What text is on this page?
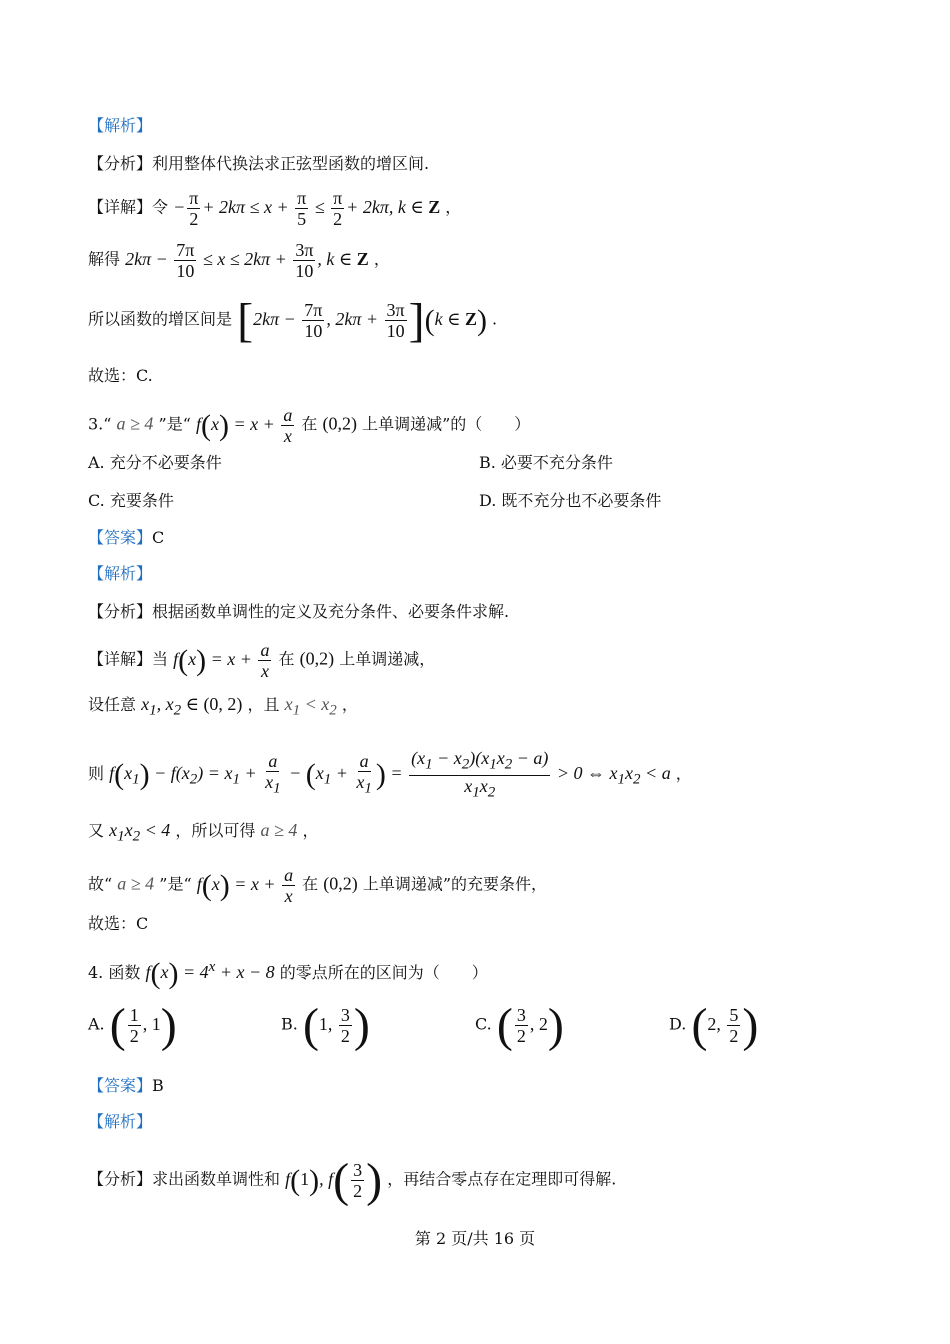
【解析】
【分析】利用整体代换法求正弦型函数的增区间.
【详解】令 − $\frac{\pi}{2} + 2k\pi \le x + \frac{\pi}{5} \le \frac{\pi}{2} + 2k\pi$, k ∈ Z ，
解得 $2k\pi - \frac{7\pi}{10} \le x \le 2k\pi + \frac{3\pi}{10}$ , k ∈ Z ，
所以函数的增区间是 [$2k\pi - \frac{7\pi}{10}$ , $2k\pi + \frac{3\pi}{10} ](k$ ∈ Z) .
故选：C.
3.“ a ≥ 4 ”是“ $f(x) = x + \frac{a}{x}$ 在 (0,2) 上单调递减”的（　　）
A. 充分不必要条件	B. 必要不充分条件
C. 充要条件	D. 既不充分也不必要条件
【答案】C
【解析】
【分析】根据函数单调性的定义及充分条件、必要条件求解.
【详解】当 $f(x) = x + \frac{a}{x}$ 在 (0,2) 上单调递减，
设任意 $x_1$, $x_2$ ∈ (0, 2) ，且 $x_1 < x_2$ ，
则 $f(x_1) - f(x_2) = x_1 + \frac{a}{x_1} - (x_1 + \frac{a}{x_1}$ ) = $\frac{(x_1 - x_2)(x_1x_2 - a)}{x_1x_2} > 0$ ⇔ $x_1x_2 < a$ ，
又 $x_1x_2 < 4$ ，所以可得 a ≥ 4 ，
故“ a ≥ 4 ”是“ $f(x) = x + \frac{a}{x}$ 在 (0,2) 上单调递减”的充要条件，
故选：C
4. 函数 $f(x) = 4^x + x - 8$ 的零点所在的区间为（　　）
A. ( $\frac{1}{2}$ , 1)	B. (1, $\frac{3}{2}$ )	C. ( $\frac{3}{2}$ , 2)	D. (2, $\frac{5}{2}$ )
【答案】B
【解析】
【分析】求出函数单调性和 f(1), $f( \frac{3}{2}$ ) ，再结合零点存在定理即可得解.
第 2 页/共 16 页
